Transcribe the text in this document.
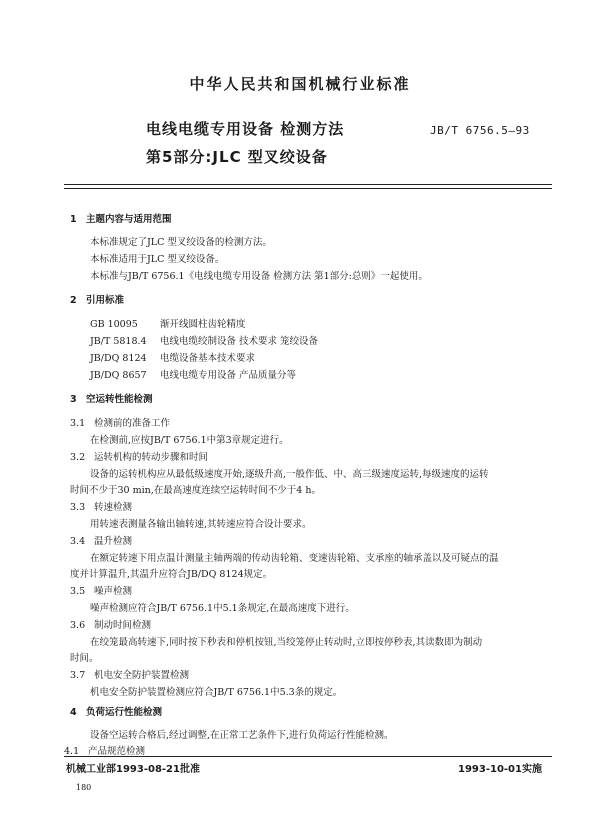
中华人民共和国机械行业标准
电线电缆专用设备 检测方法
第5部分:JLC 型叉绞设备
JB/T 6756.5—93
1 主题内容与适用范围
本标准规定了JLC 型叉绞设备的检测方法。
本标准适用于JLC 型叉绞设备。
本标准与JB/T 6756.1《电线电缆专用设备 检测方法 第1部分:总则》一起使用。
2 引用标准
GB 10095 渐开线圆柱齿轮精度
JB/T 5818.4 电线电缆绞制设备 技术要求 笼绞设备
JB/DQ 8124 电缆设备基本技术要求
JB/DQ 8657 电线电缆专用设备 产品质量分等
3 空运转性能检测
3.1 检测前的准备工作
在检测前,应按JB/T 6756.1中第3章规定进行。
3.2 运转机构的转动步骤和时间
设备的运转机构应从最低级速度开始,逐级升高,一般作低、中、高三级速度运转,每级速度的运转
时间不少于30 min,在最高速度连续空运转时间不少于4 h。
3.3 转速检测
用转速表测量各输出轴转速,其转速应符合设计要求。
3.4 温升检测
在额定转速下用点温计测量主轴两端的传动齿轮箱、变速齿轮箱、支承座的轴承盖以及可疑点的温
度并计算温升,其温升应符合JB/DQ 8124规定。
3.5 噪声检测
噪声检测应符合JB/T 6756.1中5.1条规定,在最高速度下进行。
3.6 制动时间检测
在绞笼最高转速下,同时按下秒表和停机按钮,当绞笼停止转动时,立即按停秒表,其读数即为制动
时间。
3.7 机电安全防护装置检测
机电安全防护装置检测应符合JB/T 6756.1中5.3条的规定。
4 负荷运行性能检测
设备空运转合格后,经过调整,在正常工艺条件下,进行负荷运行性能检测。
4.1 产品规范检测
机械工业部1993-08-21批准	1993-10-01实施
180
